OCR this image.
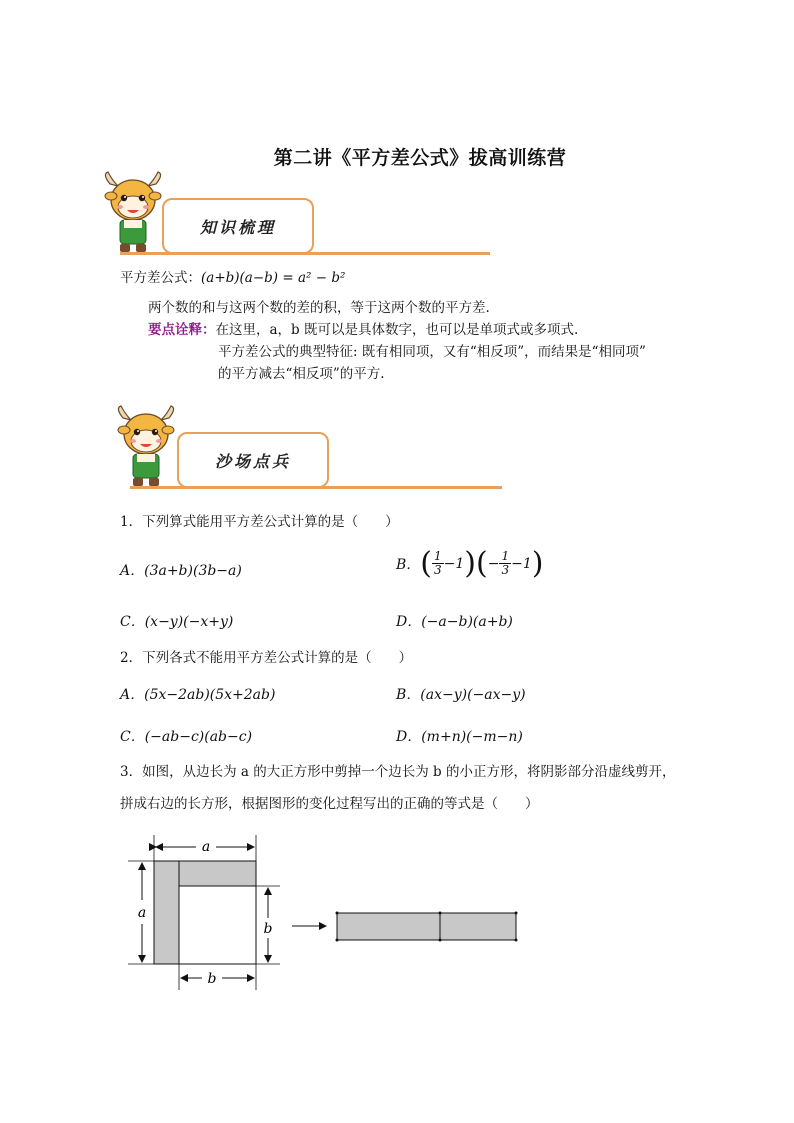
第二讲《平方差公式》拔高训练营
知识梳理
平方差公式：(a+b)(a−b) = a² − b²
两个数的和与这两个数的差的积，等于这两个数的平方差.
要点诠释：在这里，a，b 既可以是具体数字，也可以是单项式或多项式.
平方差公式的典型特征: 既有相同项，又有“相反项”，而结果是“相同项”
的平方减去“相反项”的平方.
沙场点兵
1．下列算式能用平方差公式计算的是（　　）
A．(3a+b)(3b−a)	B． ( $\frac{1}{3} -1$ ) ( − $\frac{1}{3} -1$ )
C．(x−y)(−x+y)	D．(−a−b)(a+b)
2．下列各式不能用平方差公式计算的是（　　）
A．(5x−2ab)(5x+2ab)	B．(ax−y)(−ax−y)
C．(−ab−c)(ab−c)	D．(m+n)(−m−n)
3．如图，从边长为 a 的大正方形中剪掉一个边长为 b 的小正方形，将阴影部分沿虚线剪开，
拼成右边的长方形，根据图形的变化过程写出的正确的等式是（　　）
a
a
b
b
